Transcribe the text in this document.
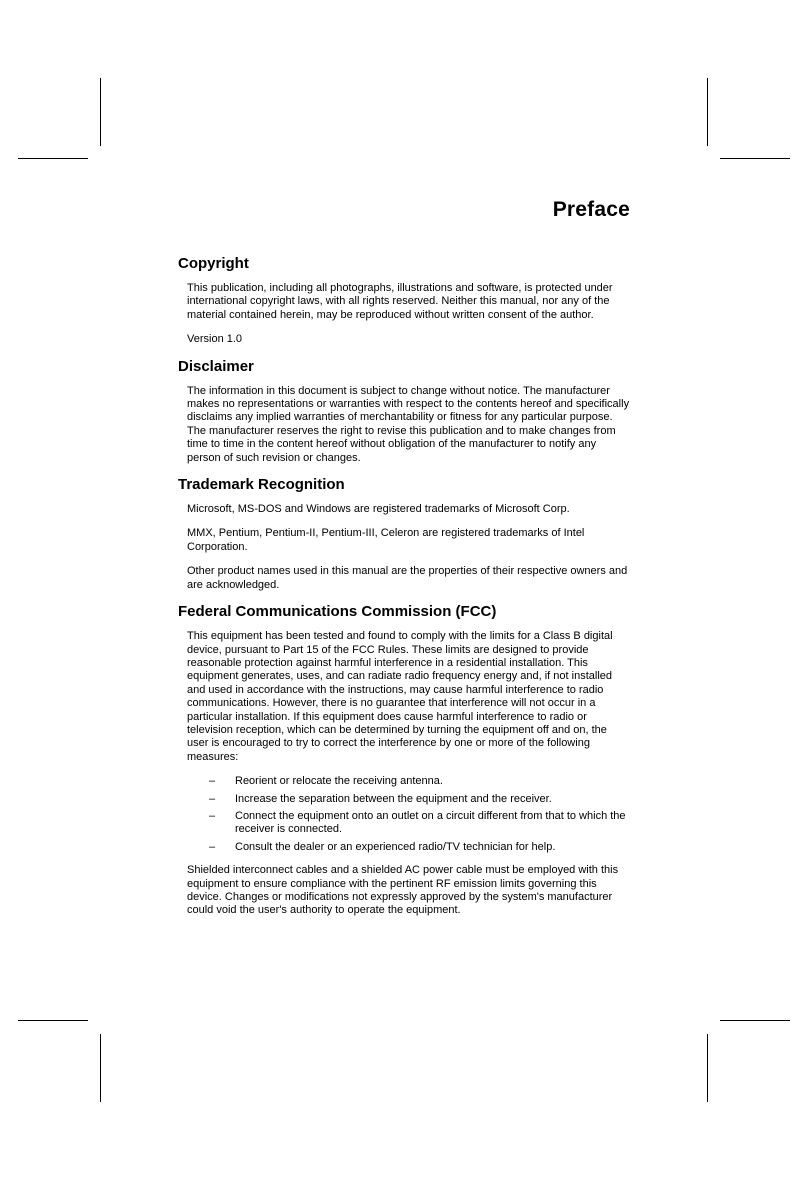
Preface
Copyright

This publication, including all photographs, illustrations and software, is protected under international copyright laws, with all rights reserved. Neither this manual, nor any of the material contained herein, may be reproduced without written consent of the author.

Version 1.0

Disclaimer

The information in this document is subject to change without notice. The manufacturer makes no representations or warranties with respect to the contents hereof and specifically disclaims any implied warranties of merchantability or fitness for any particular purpose. The manufacturer reserves the right to revise this publication and to make changes from time to time in the content hereof without obligation of the manufacturer to notify any person of such revision or changes.

Trademark Recognition

Microsoft, MS-DOS and Windows are registered trademarks of Microsoft Corp.

MMX, Pentium, Pentium-II, Pentium-III, Celeron are registered trademarks of Intel Corporation.

Other product names used in this manual are the properties of their respective owners and are acknowledged.

Federal Communications Commission (FCC)

This equipment has been tested and found to comply with the limits for a Class B digital device, pursuant to Part 15 of the FCC Rules. These limits are designed to provide reasonable protection against harmful interference in a residential installation. This equipment generates, uses, and can radiate radio frequency energy and, if not installed and used in accordance with the instructions, may cause harmful interference to radio communications. However, there is no guarantee that interference will not occur in a particular installation. If this equipment does cause harmful interference to radio or television reception, which can be determined by turning the equipment off and on, the user is encouraged to try to correct the interference by one or more of the following measures:

– Reorient or relocate the receiving antenna.
– Increase the separation between the equipment and the receiver.
– Connect the equipment onto an outlet on a circuit different from that to which the receiver is connected.
– Consult the dealer or an experienced radio/TV technician for help.

Shielded interconnect cables and a shielded AC power cable must be employed with this equipment to ensure compliance with the pertinent RF emission limits governing this device. Changes or modifications not expressly approved by the system's manufacturer could void the user's authority to operate the equipment.
